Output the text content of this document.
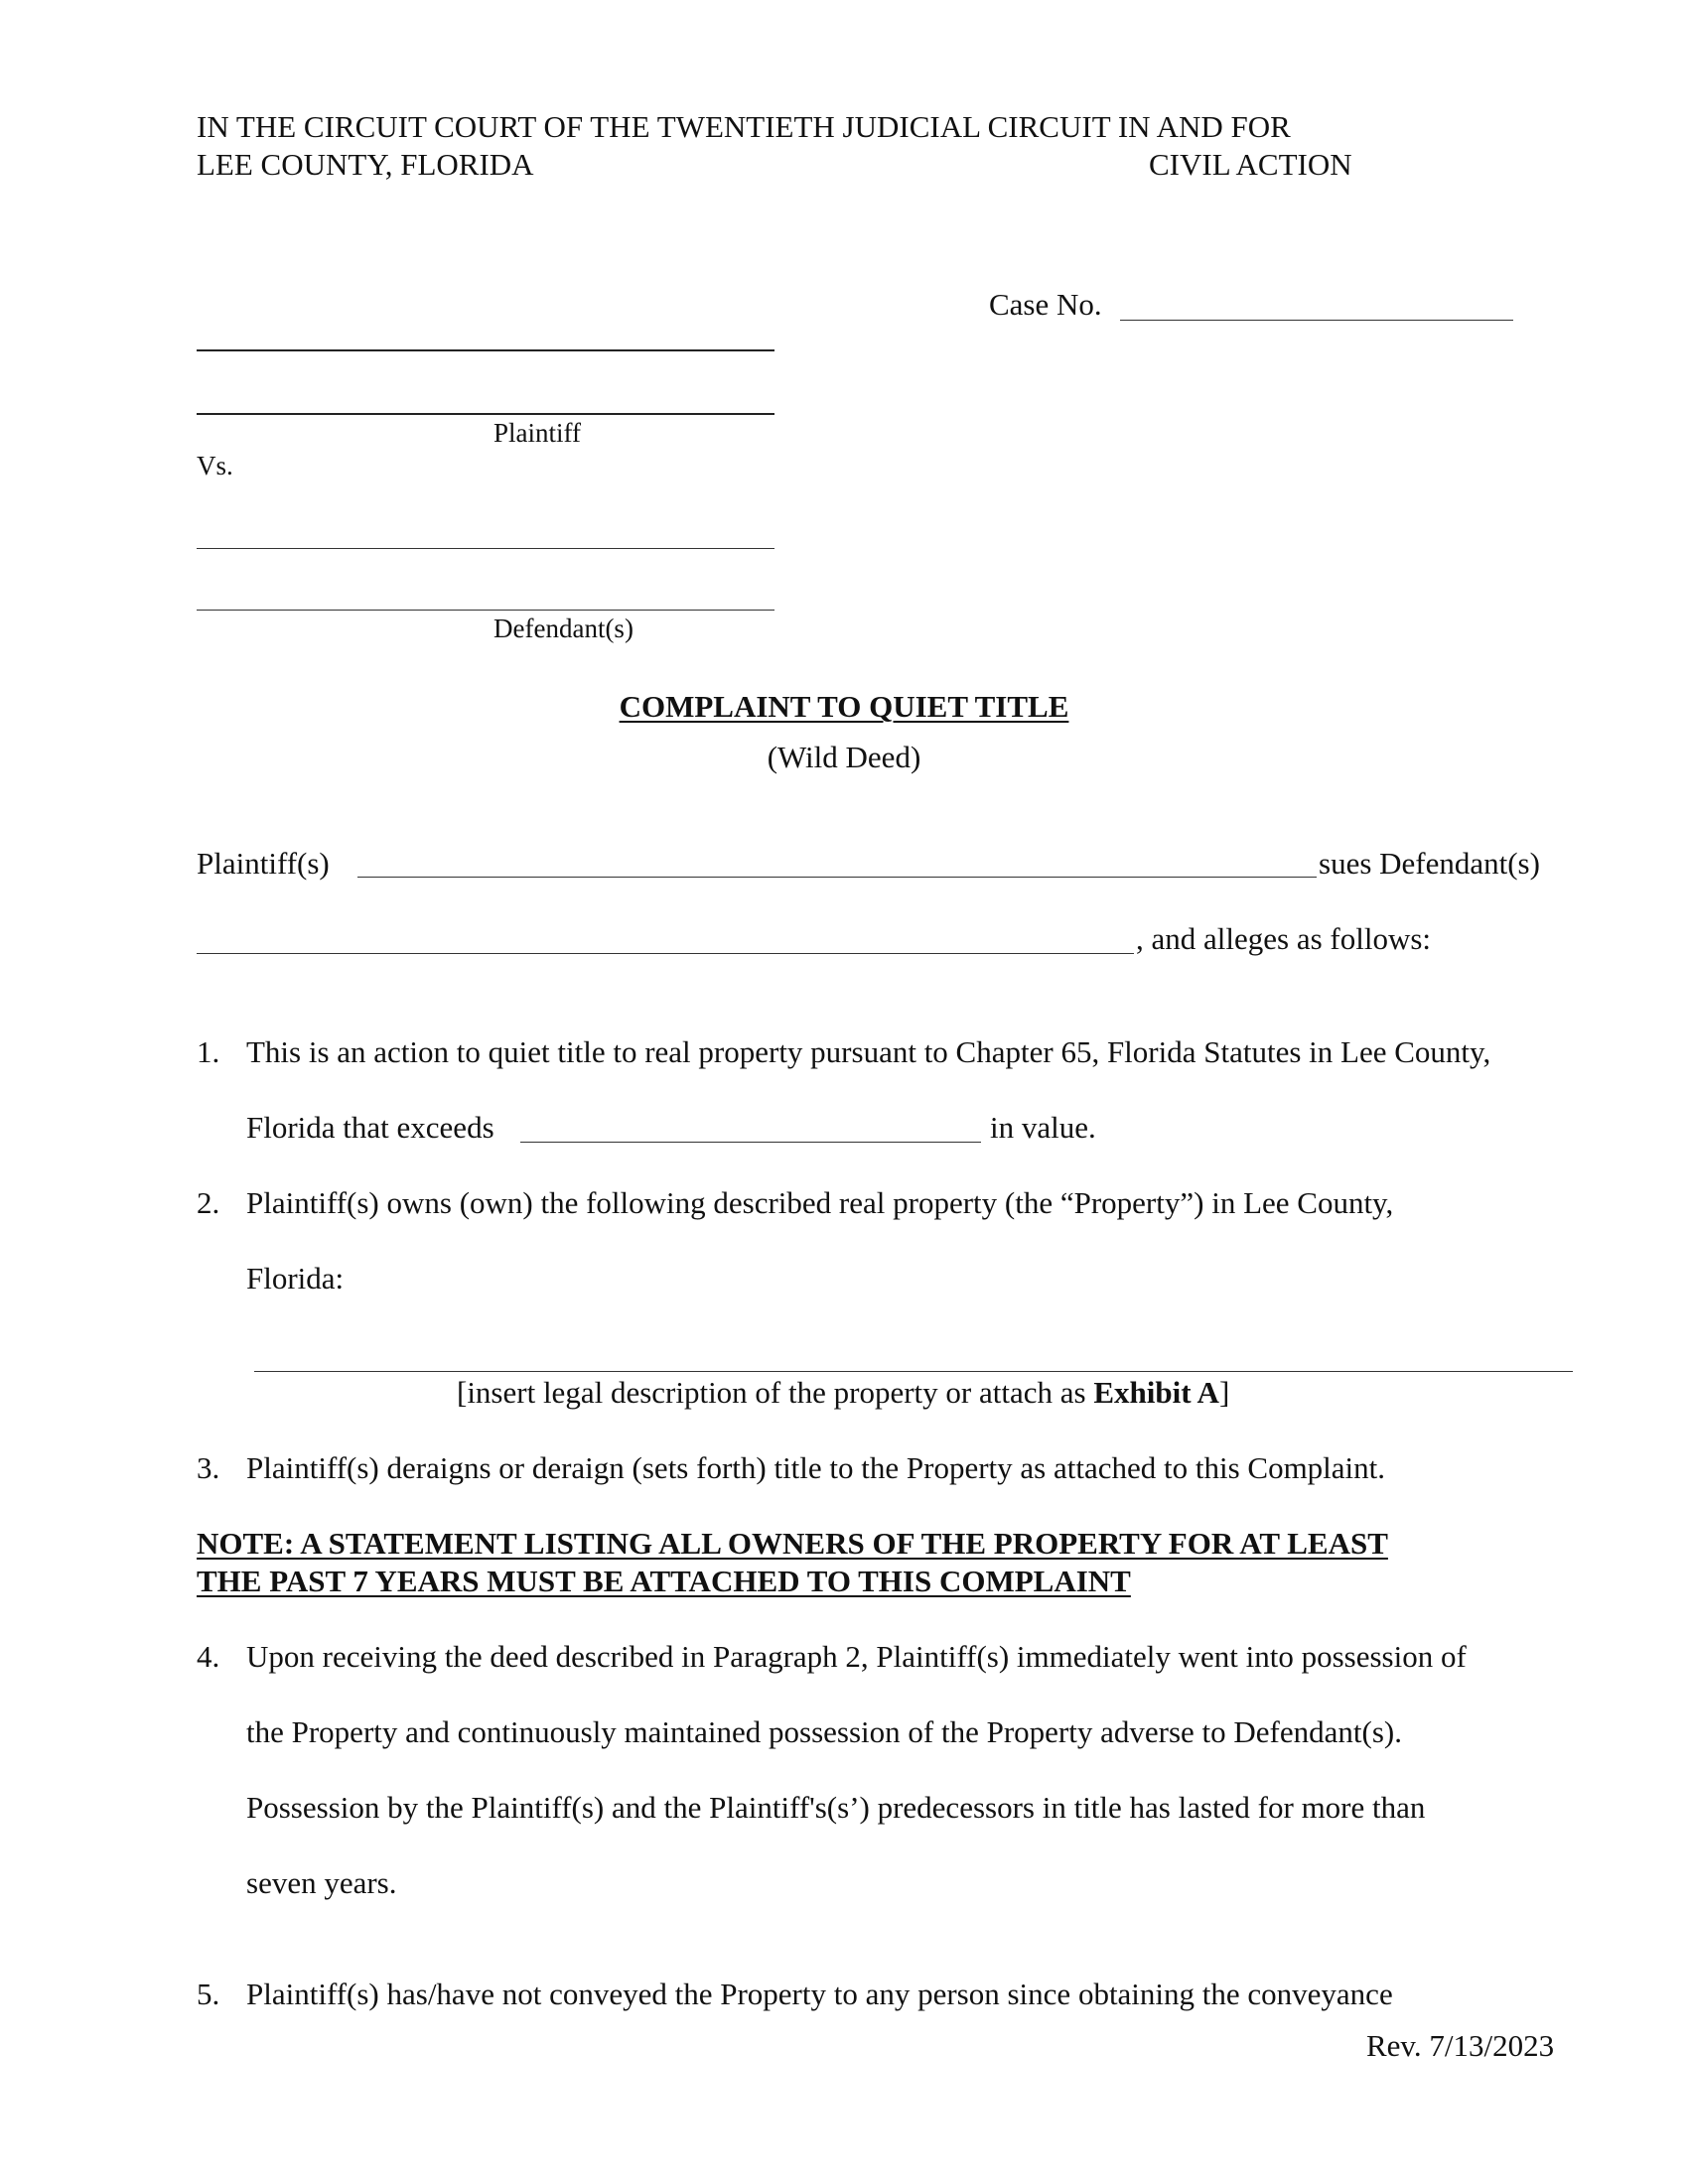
IN THE CIRCUIT COURT OF THE TWENTIETH JUDICIAL CIRCUIT IN AND FOR
LEE COUNTY, FLORIDA	CIVIL ACTION
Case No.
Plaintiff
Vs.
Defendant(s)
COMPLAINT TO QUIET TITLE
(Wild Deed)
Plaintiff(s)	sues Defendant(s)
, and alleges as follows:
1. This is an action to quiet title to real property pursuant to Chapter 65, Florida Statutes in Lee County,
Florida that exceeds	in value.
2. Plaintiff(s) owns (own) the following described real property (the “Property”) in Lee County,
Florida:
[insert legal description of the property or attach as Exhibit A]
3. Plaintiff(s) deraigns or deraign (sets forth) title to the Property as attached to this Complaint.
NOTE: A STATEMENT LISTING ALL OWNERS OF THE PROPERTY FOR AT LEAST
THE PAST 7 YEARS MUST BE ATTACHED TO THIS COMPLAINT
4. Upon receiving the deed described in Paragraph 2, Plaintiff(s) immediately went into possession of
the Property and continuously maintained possession of the Property adverse to Defendant(s).
Possession by the Plaintiff(s) and the Plaintiff's(s’) predecessors in title has lasted for more than
seven years.
5. Plaintiff(s) has/have not conveyed the Property to any person since obtaining the conveyance
Rev. 7/13/2023
